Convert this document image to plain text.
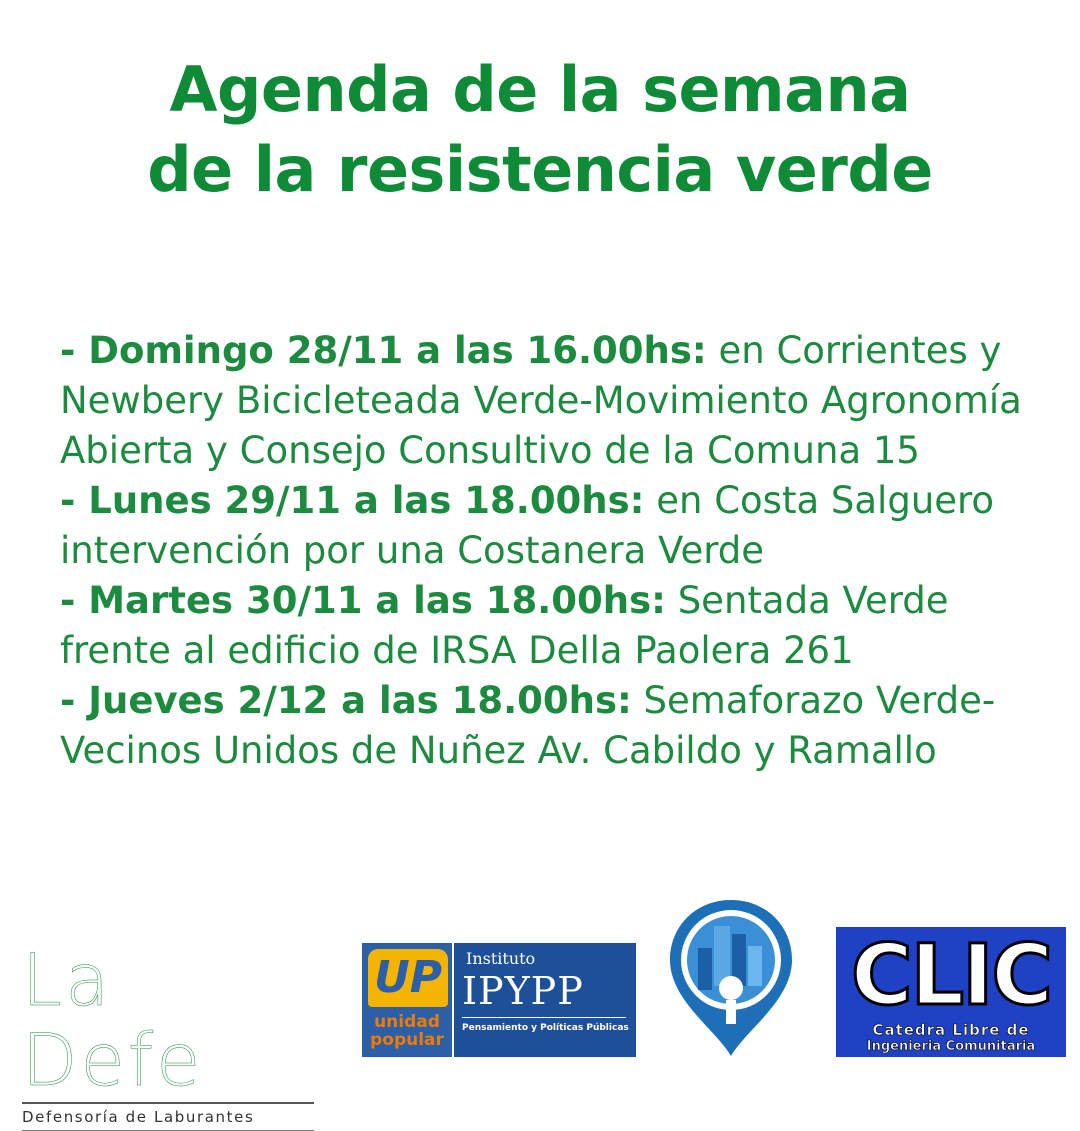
Agenda de la semana
de la resistencia verde
- Domingo 28/11 a las 16.00hs: en Corrientes y Newbery Bicicleteada Verde-Movimiento Agronomía Abierta y Consejo Consultivo de la Comuna 15
- Lunes 29/11 a las 18.00hs: en Costa Salguero intervención por una Costanera Verde
- Martes 30/11 a las 18.00hs: Sentada Verde frente al edificio de IRSA Della Paolera 261
- Jueves 2/12 a las 18.00hs: Semaforazo Verde-Vecinos Unidos de Nuñez Av. Cabildo y Ramallo
La Defe
Defensoría de Laburantes
UP
unidad
popular
Instituto
IPYPP
Pensamiento y Políticas Públicas
CLIC
Catedra Libre de
Ingenieria Comunitaria
